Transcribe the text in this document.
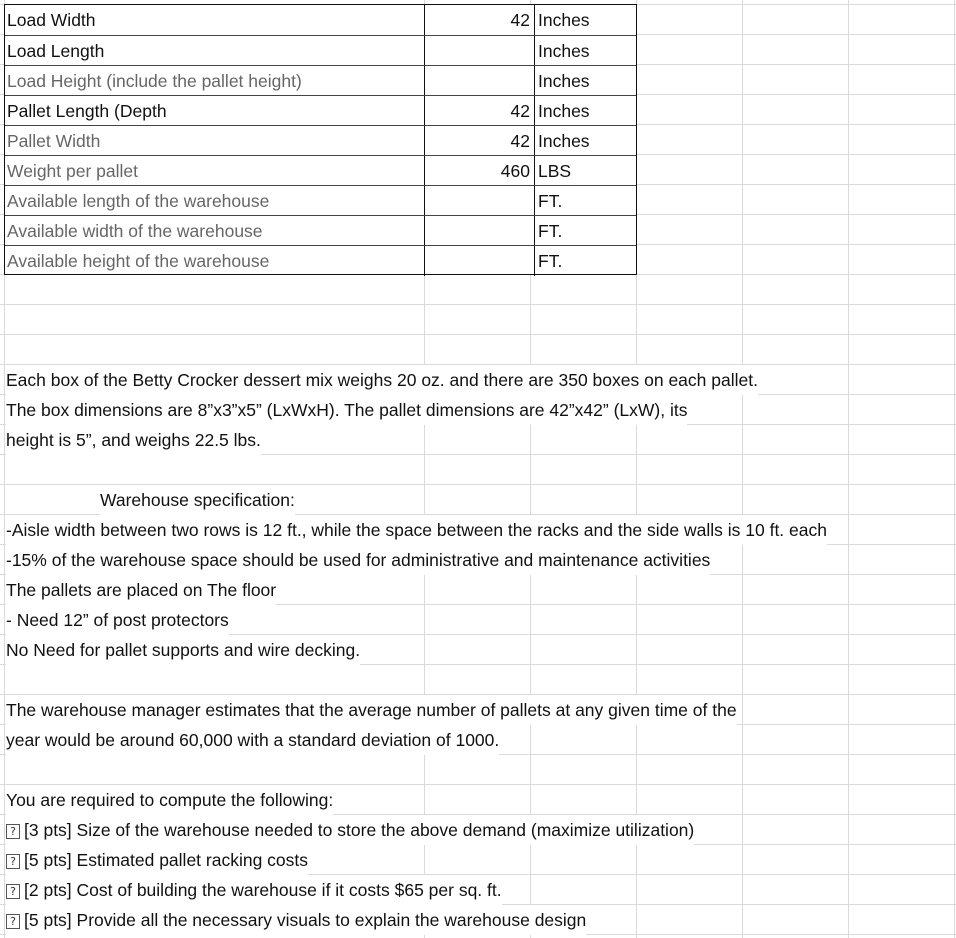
Load Width	42 Inches
Load Length	Inches
Load Height (include the pallet height)	Inches
Pallet Length (Depth	42 Inches
Pallet Width	42 Inches
Weight per pallet	460 LBS
Available length of the warehouse	FT.
Available width of the warehouse	FT.
Available height of the warehouse	FT.
Each box of the Betty Crocker dessert mix weighs 20 oz. and there are 350 boxes on each pallet.
The box dimensions are 8”x3”x5” (LxWxH). The pallet dimensions are 42”x42” (LxW), its
height is 5”, and weighs 22.5 lbs.
Warehouse specification:
-Aisle width between two rows is 12 ft., while the space between the racks and the side walls is 10 ft. each
-15% of the warehouse space should be used for administrative and maintenance activities
The pallets are placed on The floor
- Need 12” of post protectors
No Need for pallet supports and wire decking.
The warehouse manager estimates that the average number of pallets at any given time of the
year would be around 60,000 with a standard deviation of 1000.
You are required to compute the following:
? [3 pts] Size of the warehouse needed to store the above demand (maximize utilization)
? [5 pts] Estimated pallet racking costs
? [2 pts] Cost of building the warehouse if it costs $65 per sq. ft.
? [5 pts] Provide all the necessary visuals to explain the warehouse design
